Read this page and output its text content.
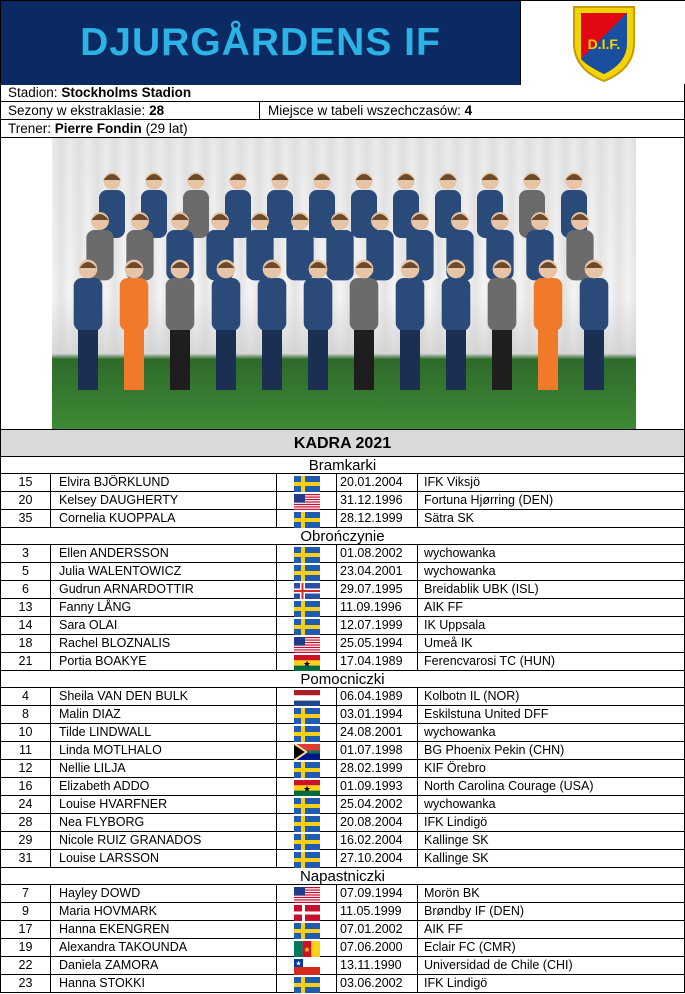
DJURGÅRDENS IF	D.I.F.
Stadion: Stockholms Stadion
Sezony w ekstraklasie: 28	Miejsce w tabeli wszechczasów: 4
Trener: Pierre Fondin (29 lat)
KADRA 2021
Bramkarki
15	Elvira BJÖRKLUND	20.01.2004	IFK Viksjö
20	Kelsey DAUGHERTY	31.12.1996	Fortuna Hjørring (DEN)
35	Cornelia KUOPPALA	28.12.1999	Sätra SK
Obrończynie
3	Ellen ANDERSSON	01.08.2002	wychowanka
5	Julia WALENTOWICZ	23.04.2001	wychowanka
6	Gudrun ARNARDOTTIR	29.07.1995	Breidablik UBK (ISL)
13	Fanny LÅNG	11.09.1996	AIK FF
14	Sara OLAI	12.07.1999	IK Uppsala
18	Rachel BLOZNALIS	25.05.1994	Umeå IK
21	Portia BOAKYE	17.04.1989	Ferencvarosi TC (HUN)
Pomocniczki
4	Sheila VAN DEN BULK	06.04.1989	Kolbotn IL (NOR)
8	Malin DIAZ	03.01.1994	Eskilstuna United DFF
10	Tilde LINDWALL	24.08.2001	wychowanka
11	Linda MOTLHALO	01.07.1998	BG Phoenix Pekin (CHN)
12	Nellie LILJA	28.02.1999	KIF Örebro
16	Elizabeth ADDO	01.09.1993	North Carolina Courage (USA)
24	Louise HVARFNER	25.04.2002	wychowanka
28	Nea FLYBORG	20.08.2004	IFK Lindigö
29	Nicole RUIZ GRANADOS	16.02.2004	Kallinge SK
31	Louise LARSSON	27.10.2004	Kallinge SK
Napastniczki
7	Hayley DOWD	07.09.1994	Morön BK
9	Maria HOVMARK	11.05.1999	Brøndby IF (DEN)
17	Hanna EKENGREN	07.01.2002	AIK FF
19	Alexandra TAKOUNDA	07.06.2000	Eclair FC (CMR)
22	Daniela ZAMORA	13.11.1990	Universidad de Chile (CHI)
23	Hanna STOKKI	03.06.2002	IFK Lindigö
